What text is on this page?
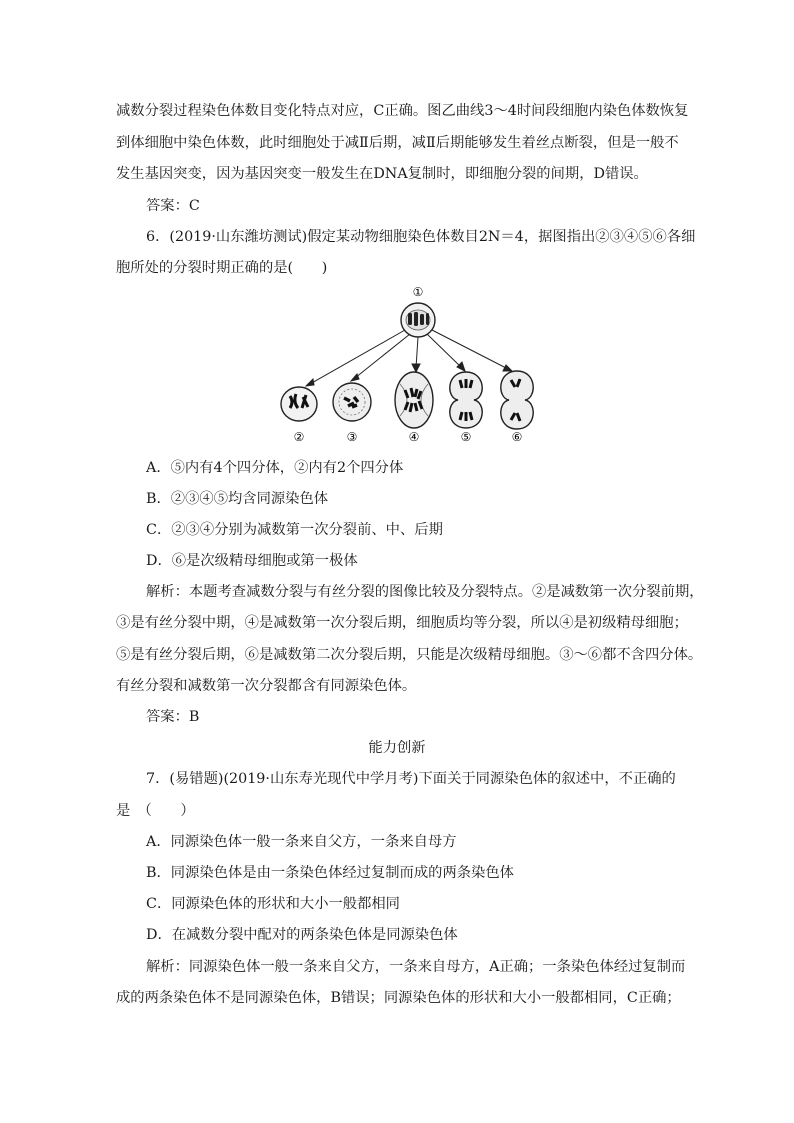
减数分裂过程染色体数目变化特点对应，C正确。图乙曲线3～4时间段细胞内染色体数恢复
到体细胞中染色体数，此时细胞处于减Ⅱ后期，减Ⅱ后期能够发生着丝点断裂，但是一般不
发生基因突变，因为基因突变一般发生在DNA复制时，即细胞分裂的间期，D错误。
答案：C
6．(2019·山东潍坊测试)假定某动物细胞染色体数目2N＝4，据图指出②③④⑤⑥各细
胞所处的分裂时期正确的是(　　)
①
②	③	④	⑤	⑥
A．⑤内有4个四分体，②内有2个四分体
B．②③④⑤均含同源染色体
C．②③④分别为减数第一次分裂前、中、后期
D．⑥是次级精母细胞或第一极体
解析：本题考查减数分裂与有丝分裂的图像比较及分裂特点。②是减数第一次分裂前期，
③是有丝分裂中期，④是减数第一次分裂后期，细胞质均等分裂，所以④是初级精母细胞；
⑤是有丝分裂后期，⑥是减数第二次分裂后期，只能是次级精母细胞。③～⑥都不含四分体。
有丝分裂和减数第一次分裂都含有同源染色体。
答案：B
能力创新
7．(易错题)(2019·山东寿光现代中学月考)下面关于同源染色体的叙述中，不正确的
是　（　　）
A．同源染色体一般一条来自父方，一条来自母方
B．同源染色体是由一条染色体经过复制而成的两条染色体
C．同源染色体的形状和大小一般都相同
D．在减数分裂中配对的两条染色体是同源染色体
解析：同源染色体一般一条来自父方，一条来自母方，A正确；一条染色体经过复制而
成的两条染色体不是同源染色体，B错误；同源染色体的形状和大小一般都相同，C正确；
